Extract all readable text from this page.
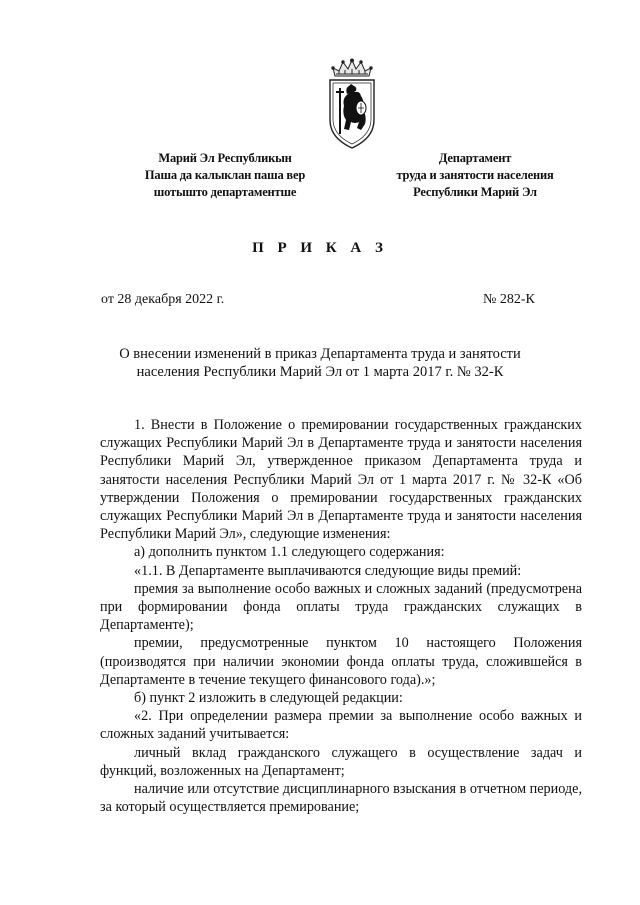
Марий Эл Республикын
Паша да калыклан паша вер
шотышто департаментше
Департамент
труда и занятости населения
Республики Марий Эл
П Р И К А З
от 28 декабря 2022 г.	№ 282-К
О внесении изменений в приказ Департамента труда и занятости
населения Республики Марий Эл от 1 марта 2017 г. № 32-К

1. Внести в Положение о премировании государственных гражданских служащих Республики Марий Эл в Департаменте труда и занятости населения Республики Марий Эл, утвержденное приказом Департамента труда и занятости населения Республики Марий Эл от 1 марта 2017 г. № 32-К «Об утверждении Положения о премировании государственных гражданских служащих Республики Марий Эл в Департаменте труда и занятости населения Республики Марий Эл», следующие изменения:

а) дополнить пунктом 1.1 следующего содержания:

«1.1. В Департаменте выплачиваются следующие виды премий:

премия за выполнение особо важных и сложных заданий (предусмотрена при формировании фонда оплаты труда гражданских служащих в Департаменте);

премии, предусмотренные пунктом 10 настоящего Положения (производятся при наличии экономии фонда оплаты труда, сложившейся в Департаменте в течение текущего финансового года).»;

б) пункт 2 изложить в следующей редакции:

«2. При определении размера премии за выполнение особо важных и сложных заданий учитывается:

личный вклад гражданского служащего в осуществление задач и функций, возложенных на Департамент;

наличие или отсутствие дисциплинарного взыскания в отчетном периоде, за который осуществляется премирование;
